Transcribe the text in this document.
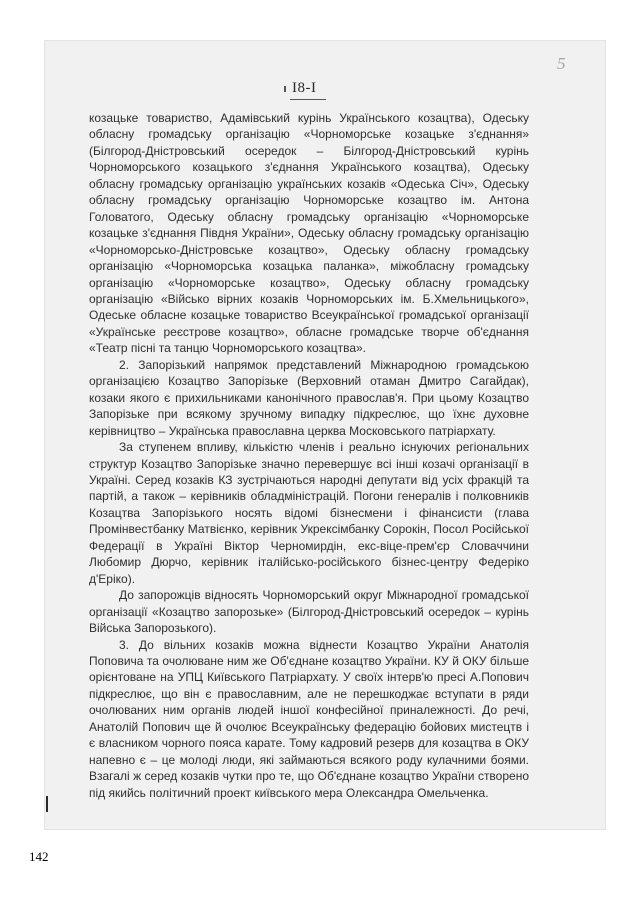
5
I8-I

козацьке товариство, Адамівський курінь Українського козацтва), Одеську обласну громадську організацію «Чорноморське козацьке з'єднання» (Білгород-Дністровський осередок – Білгород-Дністровський курінь Чорноморського козацького з'єднання Українського козацтва), Одеську обласну громадську організацію українських козаків «Одеська Січ», Одеську обласну громадську організацію Чорноморське козацтво ім. Антона Головатого, Одеську обласну громадську організацію «Чорноморське козацьке з'єднання Півдня України», Одеську обласну громадську організацію «Чорноморсько-Дністровське козацтво», Одеську обласну громадську організацію «Чорноморська козацька паланка», міжобласну громадську організацію «Чорноморське козацтво», Одеську обласну громадську організацію «Військо вірних козаків Чорноморських ім. Б.Хмельницького», Одеське обласне козацьке товариство Всеукраїнської громадської організації «Українське реєстрове козацтво», обласне громадське творче об'єднання «Театр пісні та танцю Чорноморського козацтва».

2. Запорізький напрямок представлений Міжнародною громадською організацією Козацтво Запорізьке (Верховний отаман Дмитро Сагайдак), козаки якого є прихильниками канонічного православ'я. При цьому Козацтво Запорізьке при всякому зручному випадку підкреслює, що їхнє духовне керівництво – Українська православна церква Московського патріархату.

За ступенем впливу, кількістю членів і реально існуючих регіональних структур Козацтво Запорізьке значно перевершує всі інші козачі організації в Україні. Серед козаків КЗ зустрічаються народні депутати від усіх фракцій та партій, а також – керівників обладміністрацій. Погони генералів і полковників Козацтва Запорізького носять відомі бізнесмени і фінансисти (глава Промінвестбанку Матвієнко, керівник Укрексімбанку Сорокін, Посол Російської Федерації в Україні Віктор Черномирдін, екс-віце-прем'єр Словаччини Любомир Дюрчо, керівник італійсько-російського бізнес-центру Федеріко д'Еріко).

До запорожців відносять Чорноморський округ Міжнародної громадської організації «Козацтво запорозьке» (Білгород-Дністровський осередок – курінь Війська Запорозького).

3. До вільних козаків можна віднести Козацтво України Анатолія Поповича та очолюване ним же Об'єднане козацтво України. КУ й ОКУ більше орієнтоване на УПЦ Київського Патріархату. У своїх інтерв'ю пресі А.Попович підкреслює, що він є православним, але не перешкоджає вступати в ряди очолюваних ним органів людей іншої конфесійної приналежності. До речі, Анатолій Попович ще й очолює Всеукраїнську федерацію бойових мистецтв і є власником чорного пояса карате. Тому кадровий резерв для козацтва в ОКУ напевно є – це молоді люди, які займаються всякого роду кулачними боями. Взагалі ж серед козаків чутки про те, що Об'єднане козацтво України створено під якийсь політичний проект київського мера Олександра Омельченка.

142
